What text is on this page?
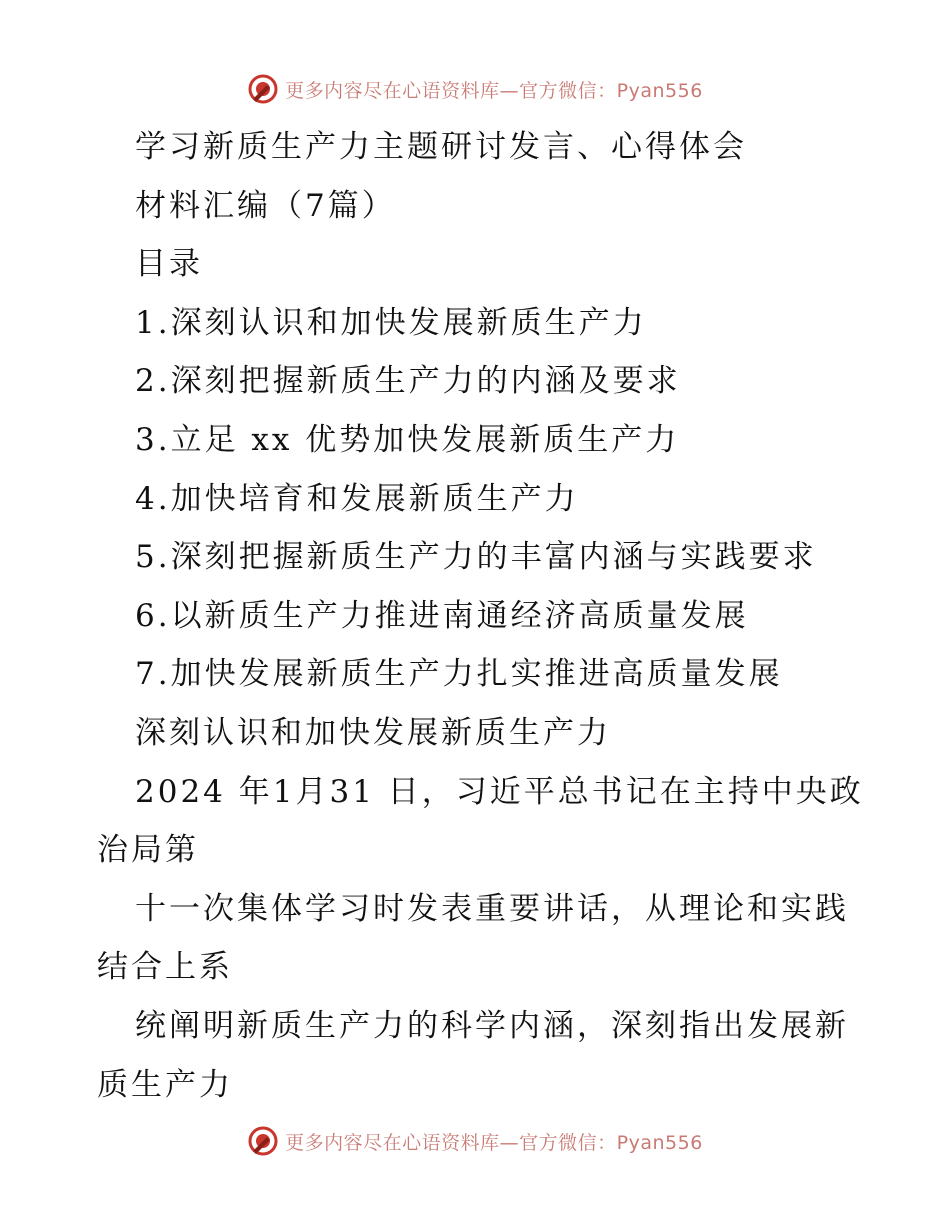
更多内容尽在心语资料库—官方微信：Pyan556
学习新质生产力主题研讨发言、心得体会
材料汇编（7篇）
目录
1.深刻认识和加快发展新质生产力
2.深刻把握新质生产力的内涵及要求
3.立足 xx 优势加快发展新质生产力
4.加快培育和发展新质生产力
5.深刻把握新质生产力的丰富内涵与实践要求
6.以新质生产力推进南通经济高质量发展
7.加快发展新质生产力扎实推进高质量发展
深刻认识和加快发展新质生产力
2024 年1月31 日，习近平总书记在主持中央政
治局第
十一次集体学习时发表重要讲话，从理论和实践
结合上系
统阐明新质生产力的科学内涵，深刻指出发展新
质生产力
更多内容尽在心语资料库—官方微信：Pyan556
